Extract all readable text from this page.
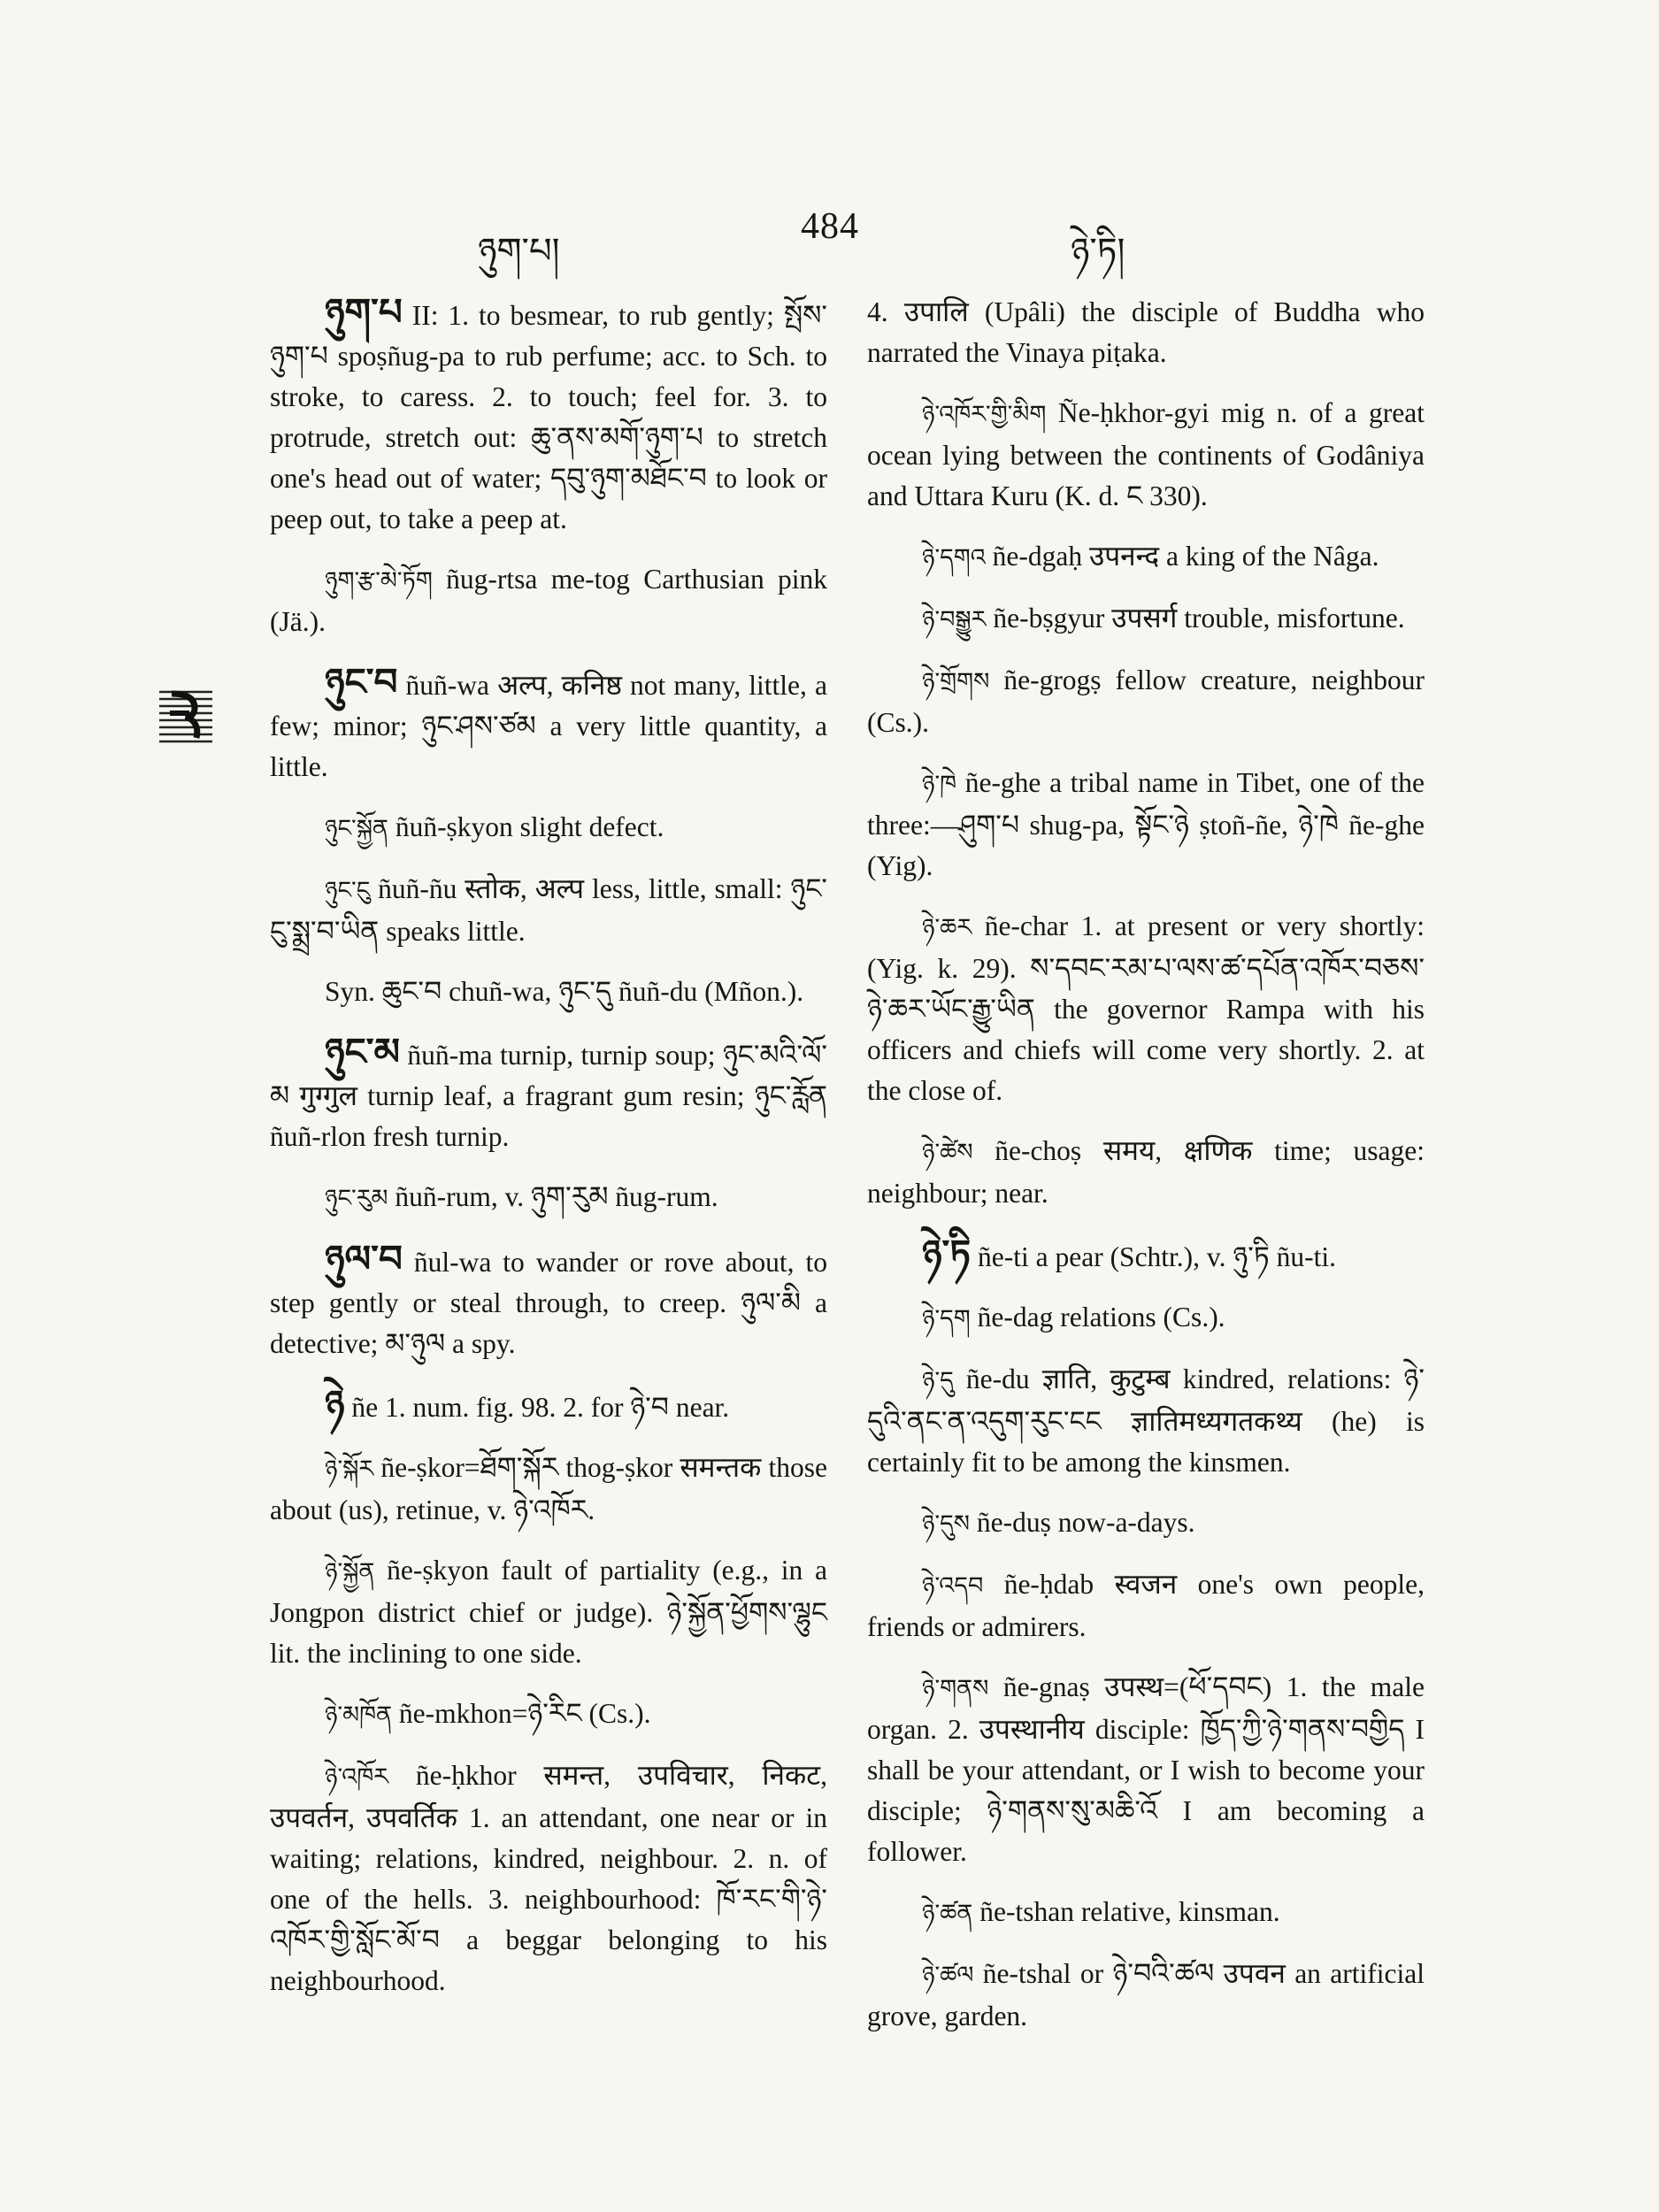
ཉུག་པ།
484
ཉེ་ཏི།

ཉུག་པ II: 1. to besmear, to rub gently; སྤོས་ཉུག་པ spoṣñug-pa to rub perfume; acc. to Sch. to stroke, to caress. 2. to touch; feel for. 3. to protrude, stretch out: ཆུ་ནས་མགོ་ཉུག་པ to stretch one's head out of water; དབུ་ཉུག་མཐོང་བ to look or peep out, to take a peep at.

ཉུག་རྩ་མེ་ཏོག ñug-rtsa me-tog Carthusian pink (Jä.).

ཉུང་བ ñuñ-wa अल्प, कनिष्ठ not many, little, a few; minor; ཉུང་ཤས་ཙམ a very little quantity, a little.

ཉུང་སྐྱོན ñuñ-ṣkyon slight defect.

ཉུང་ངུ ñuñ-ñu स्तोक, अल्प less, little, small: ཉུང་ངུ་སྨྲ་བ་ཡིན speaks little.

Syn. ཆུང་བ chuñ-wa, ཉུང་དུ ñuñ-du (Mñon.).

ཉུང་མ ñuñ-ma turnip, turnip soup; ཉུང་མའི་ལོ་མ गुग्गुल turnip leaf, a fragrant gum resin; ཉུང་རློན ñuñ-rlon fresh turnip.

ཉུང་རུམ ñuñ-rum, v. ཉུག་རུམ ñug-rum.

ཉུལ་བ ñul-wa to wander or rove about, to step gently or steal through, to creep. ཉུལ་མི a detective; མ་ཉུལ a spy.

ཉེ ñe 1. num. fig. 98. 2. for ཉེ་བ near.

ཉེ་སྐོར ñe-ṣkor=ཐོག་སྐོར thog-ṣkor समन्तक those about (us), retinue, v. ཉེ་འཁོར.

ཉེ་སྐྱོན ñe-ṣkyon fault of partiality (e.g., in a Jongpon district chief or judge). ཉེ་སྐྱོན་ཕྱོགས་ལྷུང lit. the inclining to one side.

ཉེ་མཁོན ñe-mkhon=ཉེ་རིང (Cs.).

ཉེ་འཁོར ñe-ḥkhor समन्त, उपविचार, निकट, उपवर्तन, उपवर्तिक 1. an attendant, one near or in waiting; relations, kindred, neighbour. 2. n. of one of the hells. 3. neighbourhood: ཁོ་རང་གི་ཉེ་འཁོར་གྱི་སློང་མོ་བ a beggar belonging to his neighbourhood.

4. उपालि (Upâli) the disciple of Buddha who narrated the Vinaya piṭaka.

ཉེ་འཁོར་གྱི་མིག Ñe-ḥkhor-gyi mig n. of a great ocean lying between the continents of Godâniya and Uttara Kuru (K. d. ང 330).

ཉེ་དགའ ñe-dgaḥ उपनन्द a king of the Nâga.

ཉེ་བསྒྱུར ñe-bṣgyur उपसर्ग trouble, misfortune.

ཉེ་གྲོགས ñe-grogṣ fellow creature, neighbour (Cs.).

ཉེ་ཁེ ñe-ghe a tribal name in Tibet, one of the three:—ཤུག་པ shug-pa, སྟོང་ཉེ ṣtoñ-ñe, ཉེ་ཁེ ñe-ghe (Yig).

ཉེ་ཆར ñe-char 1. at present or very shortly: (Yig. k. 29). ས་དབང་རམ་པ་ལས་ཚ་དཔོན་འཁོར་བཅས་ཉེ་ཆར་ཡོང་རྒྱུ་ཡིན the governor Rampa with his officers and chiefs will come very shortly. 2. at the close of.

ཉེ་ཚེས ñe-choṣ समय, क्षणिक time; usage: neighbour; near.

ཉེ་ཏི ñe-ti a pear (Schtr.), v. ཉུ་ཏི ñu-ti.

ཉེ་དག ñe-dag relations (Cs.).

ཉེ་དུ ñe-du ज्ञाति, कुटुम्ब kindred, relations: ཉེ་དུའི་ནང་ན་འདུག་རུང་ངང ज्ञातिमध्यगतकथ्य (he) is certainly fit to be among the kinsmen.

ཉེ་དུས ñe-duṣ now-a-days.

ཉེ་འདབ ñe-ḥdab स्वजन one's own people, friends or admirers.

ཉེ་གནས ñe-gnaṣ उपस्थ=(ཕོ་དབང) 1. the male organ. 2. उपस्थानीय disciple: ཁྱོད་ཀྱི་ཉེ་གནས་བགྱིད I shall be your attendant, or I wish to become your disciple; ཉེ་གནས་སུ་མཆི་འོ I am becoming a follower.

ཉེ་ཚན ñe-tshan relative, kinsman.

ཉེ་ཚལ ñe-tshal or ཉེ་བའི་ཚལ उपवन an artificial grove, garden.
